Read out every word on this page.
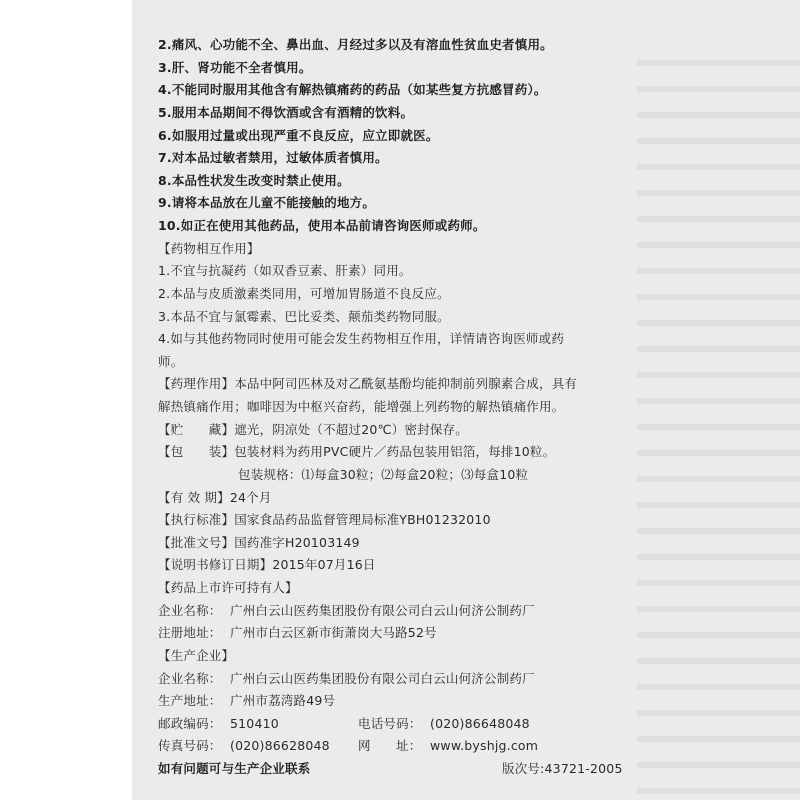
2.痛风、心功能不全、鼻出血、月经过多以及有溶血性贫血史者慎用。
3.肝、肾功能不全者慎用。
4.不能同时服用其他含有解热镇痛药的药品（如某些复方抗感冒药）。
5.服用本品期间不得饮酒或含有酒精的饮料。
6.如服用过量或出现严重不良反应，应立即就医。
7.对本品过敏者禁用，过敏体质者慎用。
8.本品性状发生改变时禁止使用。
9.请将本品放在儿童不能接触的地方。
10.如正在使用其他药品，使用本品前请咨询医师或药师。
【药物相互作用】
1.不宜与抗凝药（如双香豆素、肝素）同用。
2.本品与皮质激素类同用，可增加胃肠道不良反应。
3.本品不宜与氯霉素、巴比妥类、颠茄类药物同服。
4.如与其他药物同时使用可能会发生药物相互作用，详情请咨询医师或药
师。
【药理作用】本品中阿司匹林及对乙酰氨基酚均能抑制前列腺素合成，具有
解热镇痛作用；咖啡因为中枢兴奋药，能增强上列药物的解热镇痛作用。
【贮　　藏】遮光，阴凉处（不超过20℃）密封保存。
【包　　装】包装材料为药用PVC硬片／药品包装用铝箔，每排10粒。
包装规格：⑴每盒30粒；⑵每盒20粒；⑶每盒10粒
【有 效 期】24个月
【执行标准】国家食品药品监督管理局标准YBH01232010
【批准文号】国药准字H20103149
【说明书修订日期】2015年07月16日
【药品上市许可持有人】
企业名称： 广州白云山医药集团股份有限公司白云山何济公制药厂
注册地址： 广州市白云区新市街萧岗大马路52号
【生产企业】
企业名称： 广州白云山医药集团股份有限公司白云山何济公制药厂
生产地址： 广州市荔湾路49号
邮政编码： 510410	电话号码： (020)86648048
传真号码： (020)86628048 网　　址： www.byshjg.com
如有问题可与生产企业联系	版次号:43721-2005
